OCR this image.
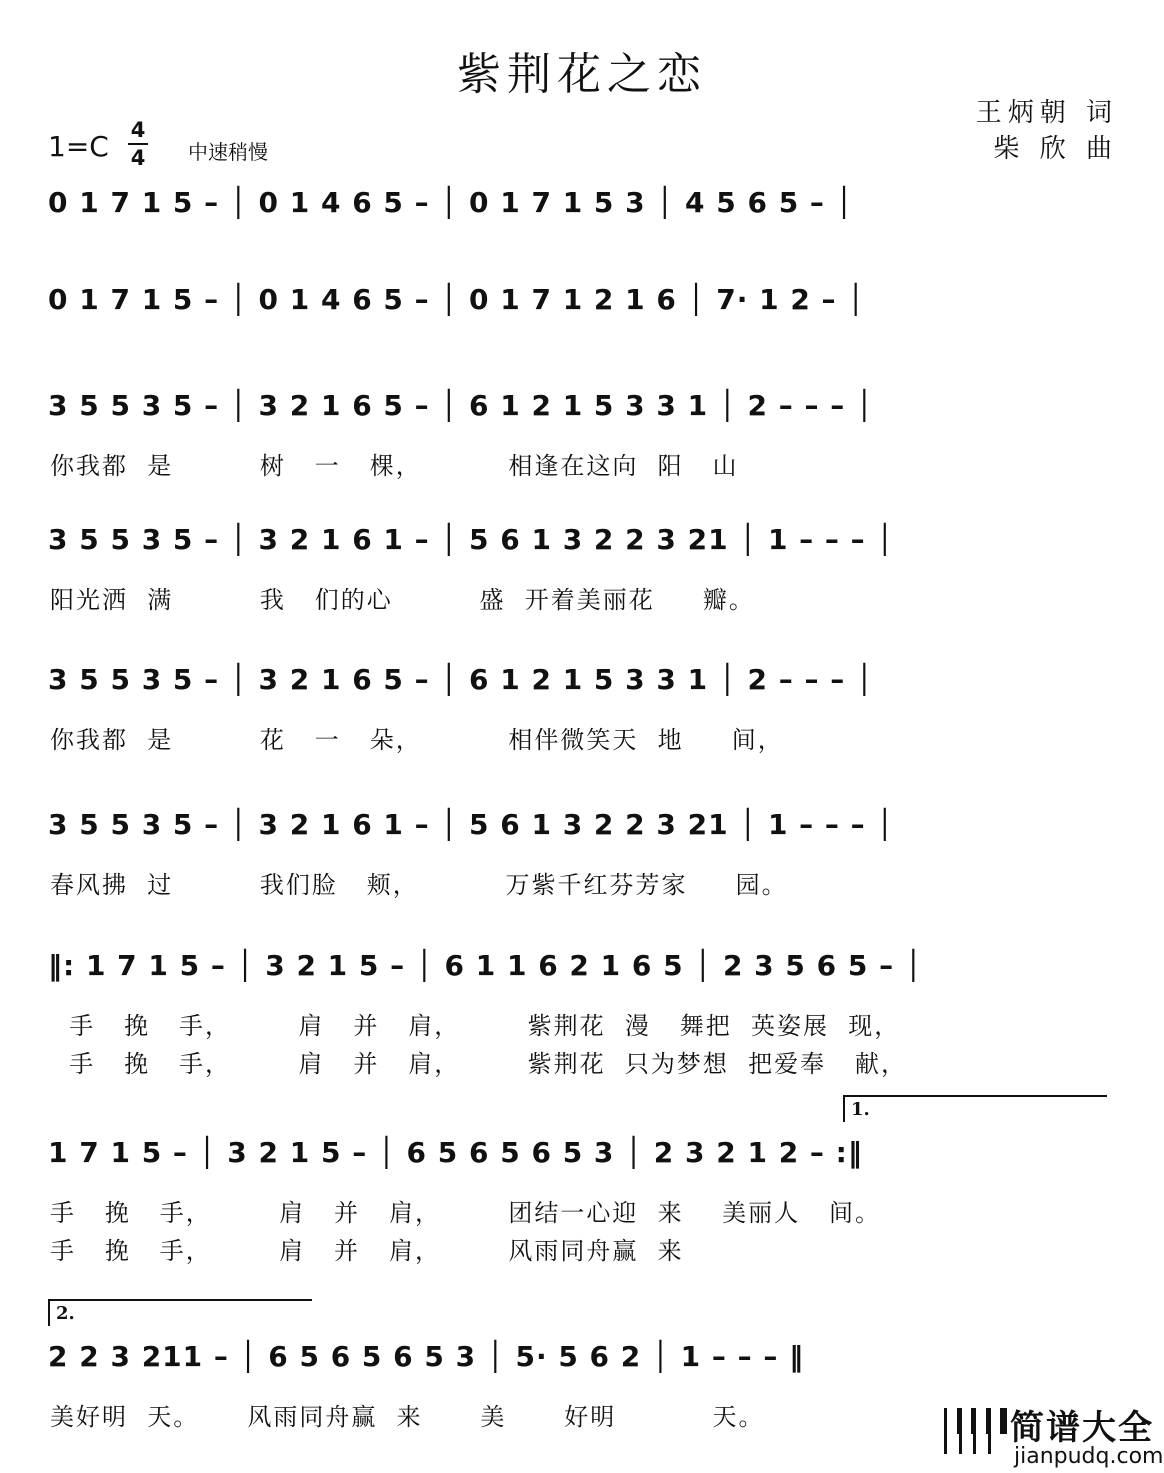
紫荆花之恋
王炳朝 词
柴 欣 曲
1=C 4
4 中速稍慢
0 1 7 1 5 – │ 0 1 4 6 5 – │ 0 1 7 1 5 3 │ 4 5 6 5 – │
0 1 7 1 5 – │ 0 1 4 6 5 – │ 0 1 7 1 2 1 6 │ 7· 1 2 – │
3 5 5 3 5 – │ 3 2 1 6 5 – │ 6 1 2 1 5 3 3 1 │ 2 – – – │
你我都  是         树   一   棵，         相逢在这向  阳   山
3 5 5 3 5 – │ 3 2 1 6 1 – │ 5 6 1 3 2 2 3 21 │ 1 – – – │
阳光洒  满         我   们的心         盛  开着美丽花     瓣。
3 5 5 3 5 – │ 3 2 1 6 5 – │ 6 1 2 1 5 3 3 1 │ 2 – – – │
你我都  是         花   一   朵，         相伴微笑天  地     间，
3 5 5 3 5 – │ 3 2 1 6 1 – │ 5 6 1 3 2 2 3 21 │ 1 – – – │
春风拂  过         我们脸   颊，         万紫千红芬芳家     园。
‖: 1 7 1 5 – │ 3 2 1 5 – │ 6 1 1 6 2 1 6 5 │ 2 3 5 6 5 – │
手   挽   手，       肩   并   肩，       紫荆花  漫   舞把  英姿展  现，
手   挽   手，       肩   并   肩，       紫荆花  只为梦想  把爱奉   献，
1 7 1 5 – │ 3 2 1 5 – │ 6 5 6 5 6 5 3 │ 2 3 2 1 2 – :‖
1.
手   挽   手，       肩   并   肩，       团结一心迎  来    美丽人   间。
手   挽   手，       肩   并   肩，       风雨同舟赢  来
2 2 3 211 – │ 6 5 6 5 6 5 3 │ 5· 5 6 2 │ 1 – – – ‖
2.
美好明  天。     风雨同舟赢  来      美      好明          天。	简谱大全
jianpudq.com
